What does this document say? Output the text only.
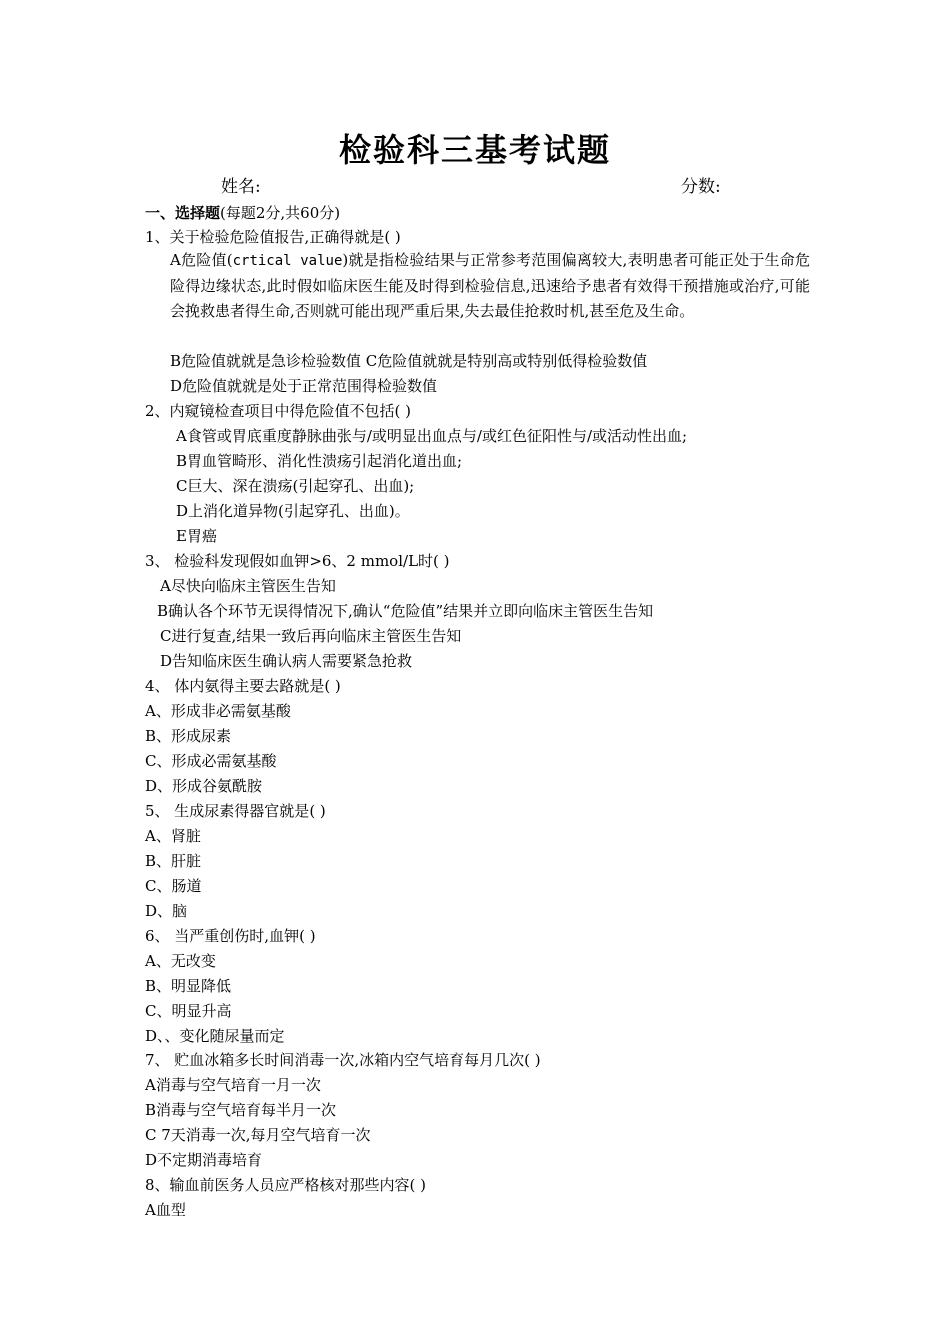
检验科三基考试题
姓名:	分数:
一、选择题(每题2分,共60分)
1、关于检验危险值报告,正确得就是( )
A危险值(crtical value)就是指检验结果与正常参考范围偏离较大,表明患者可能正处于生命危险得边缘状态,此时假如临床医生能及时得到检验信息,迅速给予患者有效得干预措施或治疗,可能会挽救患者得生命,否则就可能出现严重后果,失去最佳抢救时机,甚至危及生命。
B危险值就就是急诊检验数值 C危险值就就是特别高或特别低得检验数值
D危险值就就是处于正常范围得检验数值
2、内窥镜检查项目中得危险值不包括( )
A食管或胃底重度静脉曲张与/或明显出血点与/或红色征阳性与/或活动性出血;
B胃血管畸形、消化性溃疡引起消化道出血;
C巨大、深在溃疡(引起穿孔、出血);
D上消化道异物(引起穿孔、出血)。
E胃癌
3、 检验科发现假如血钾>6、2 mmol/L时( )
A尽快向临床主管医生告知
B确认各个环节无误得情况下,确认“危险值”结果并立即向临床主管医生告知
C进行复查,结果一致后再向临床主管医生告知
D告知临床医生确认病人需要紧急抢救
4、 体内氨得主要去路就是( )
A、形成非必需氨基酸
B、形成尿素
C、形成必需氨基酸
D、形成谷氨酰胺
5、 生成尿素得器官就是( )
A、肾脏
B、肝脏
C、肠道
D、脑
6、 当严重创伤时,血钾( )
A、无改变
B、明显降低
C、明显升高
D、、变化随尿量而定
7、 贮血冰箱多长时间消毒一次,冰箱内空气培育每月几次( )
A消毒与空气培育一月一次
B消毒与空气培育每半月一次
C 7天消毒一次,每月空气培育一次
D不定期消毒培育
8、输血前医务人员应严格核对那些内容( )
A血型
